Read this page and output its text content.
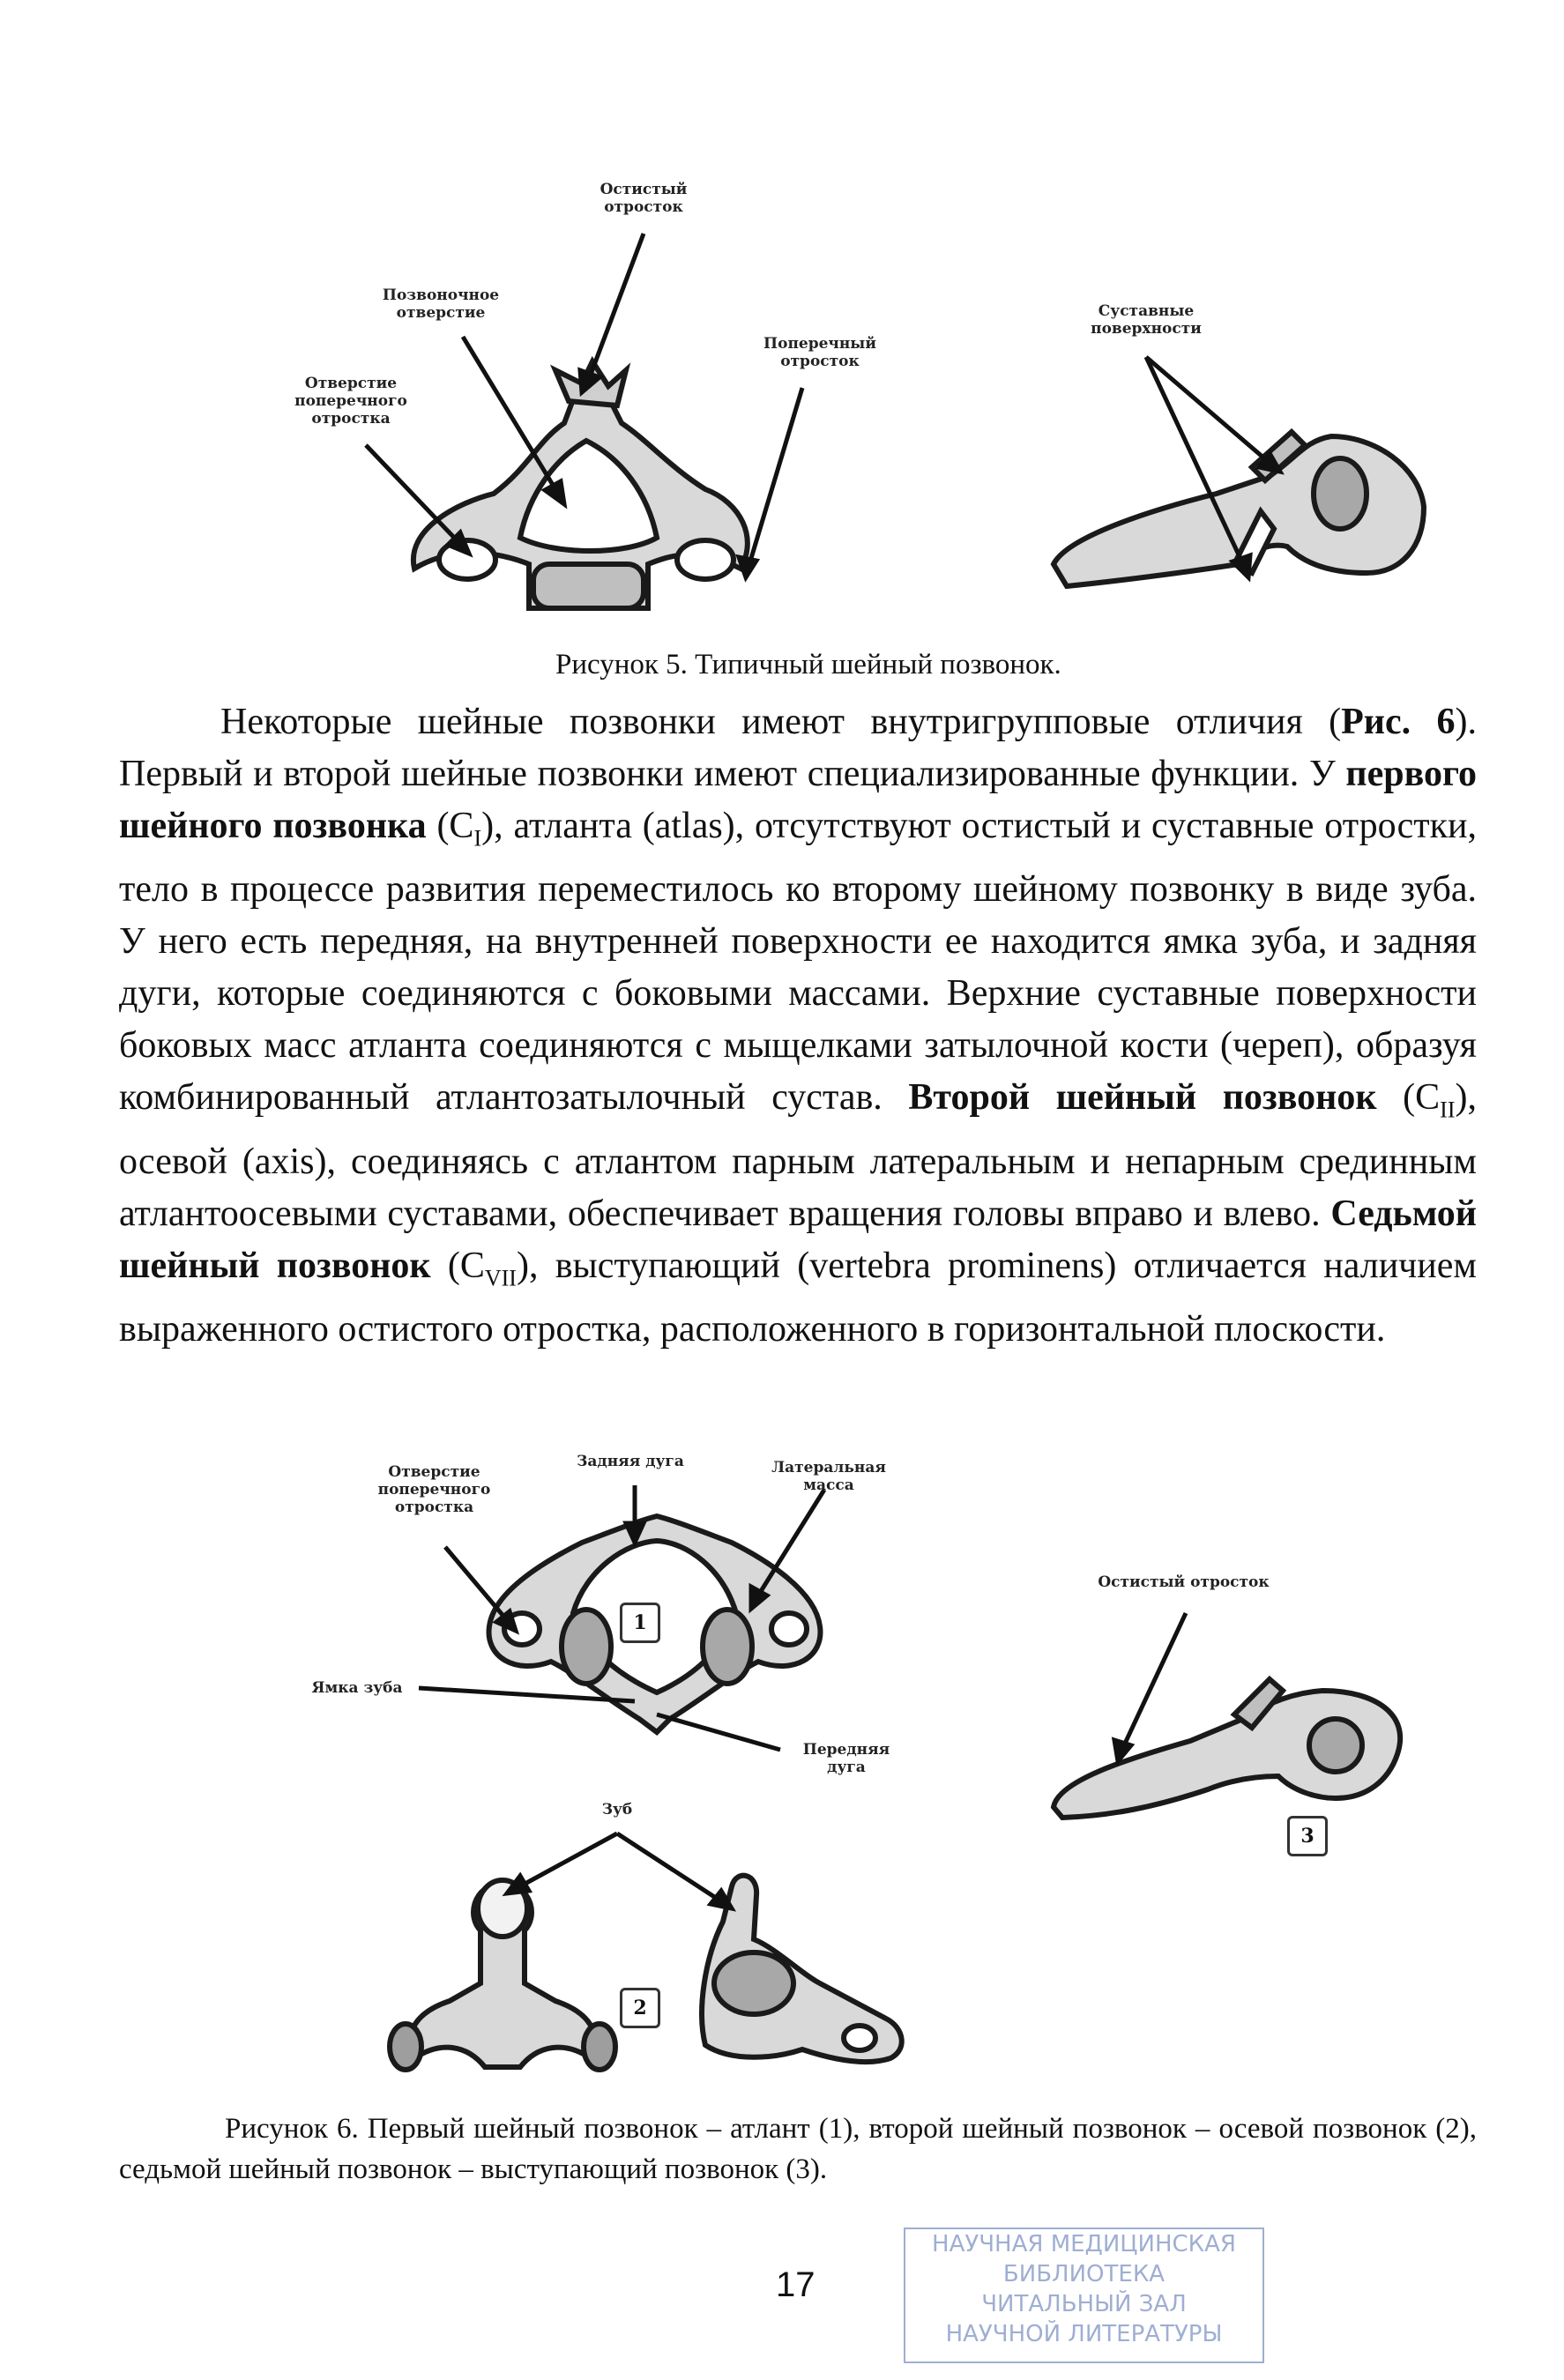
Остистый
отросток
Позвоночное
отверстие
Отверстие
поперечного
отростка
Поперечный
отросток
Суставные
поверхности
Рисунок 5. Типичный шейный позвонок.

Некоторые шейные позвонки имеют внутригрупповые отличия (Рис. 6). Первый и второй шейные позвонки имеют специализированные функции. У первого шейного позвонка $(C_I)$, атланта (atlas), отсутствуют остистый и суставные отростки, тело в процессе развития переместилось ко второму шейному позвонку в виде зуба. У него есть передняя, на внутренней поверхности ее находится ямка зуба, и задняя дуги, которые соединяются с боковыми массами. Верхние суставные поверхности боковых масс атланта соединяются с мыщелками затылочной кости (череп), образуя комбинированный атлантозатылочный сустав. Второй шейный позвонок $(C_{II})$, осевой (axis), соединяясь с атлантом парным латеральным и непарным срединным атлантоосевыми суставами, обеспечивает вращения головы вправо и влево. Седьмой шейный позвонок $(C_{VII})$, выступающий (vertebra prominens) отличается наличием выраженного остистого отростка, расположенного в горизонтальной плоскости.

Отверстие
поперечного
отростка
Задняя дуга	Латеральная
масса
Ямка зуба
Передняя
дуга
Зуб
Остистый отросток
1
2
3

Рисунок 6. Первый шейный позвонок – атлант (1), второй шейный позвонок – осевой позвонок (2), седьмой шейный позвонок – выступающий позвонок (3).

17
НАУЧНАЯ МЕДИЦИНСКАЯ
БИБЛИОТЕКА
ЧИТАЛЬНЫЙ ЗАЛ
НАУЧНОЙ ЛИТЕРАТУРЫ
